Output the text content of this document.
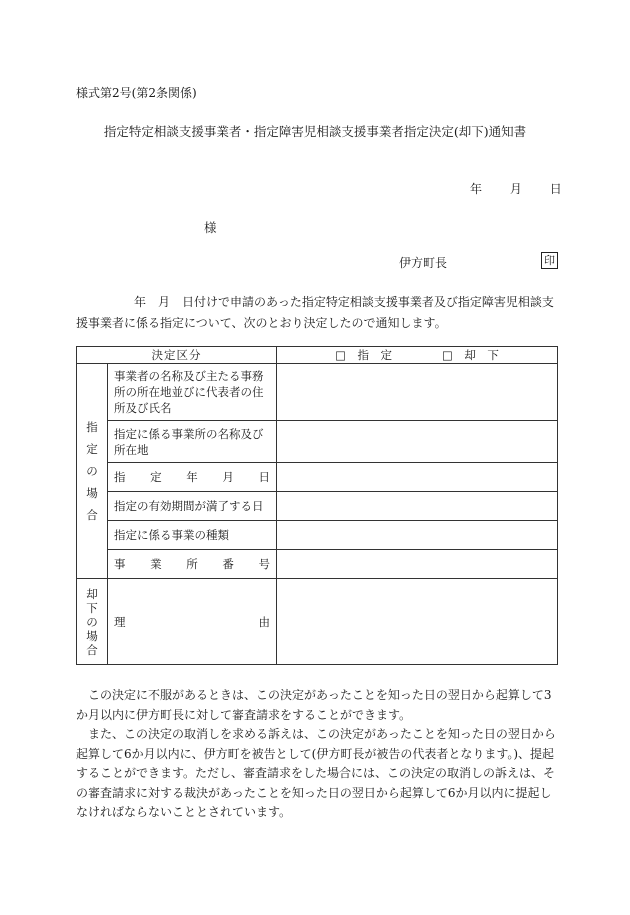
様式第2号(第2条関係)
指定特定相談支援事業者・指定障害児相談支援事業者指定決定(却下)通知書
年 月 日
様
伊方町長	印

年　月　日付けで申請のあった指定特定相談支援事業者及び指定障害児相談支

援事業者に係る指定について、次のとおり決定したので通知します。

決定区分		□　指　定 □　却　下

指
定
の
場
合	事業者の名称及び主たる事務所の所在地並びに代表者の住所及び氏名	
	指定に係る事業所の名称及び所在地	

	指 定 年 月 日	

	指定の有効期間が満了する日	
	指定に係る事業の種類	

	事 業 所 番 号	

却
下
の
場
合	理 由	

この決定に不服があるときは、この決定があったことを知った日の翌日から起算して3か月以内に伊方町長に対して審査請求をすることができます。

また、この決定の取消しを求める訴えは、この決定があったことを知った日の翌日から起算して6か月以内に、伊方町を被告として(伊方町長が被告の代表者となります。)、提起することができます。ただし、審査請求をした場合には、この決定の取消しの訴えは、その審査請求に対する裁決があったことを知った日の翌日から起算して6か月以内に提起しなければならないこととされています。
